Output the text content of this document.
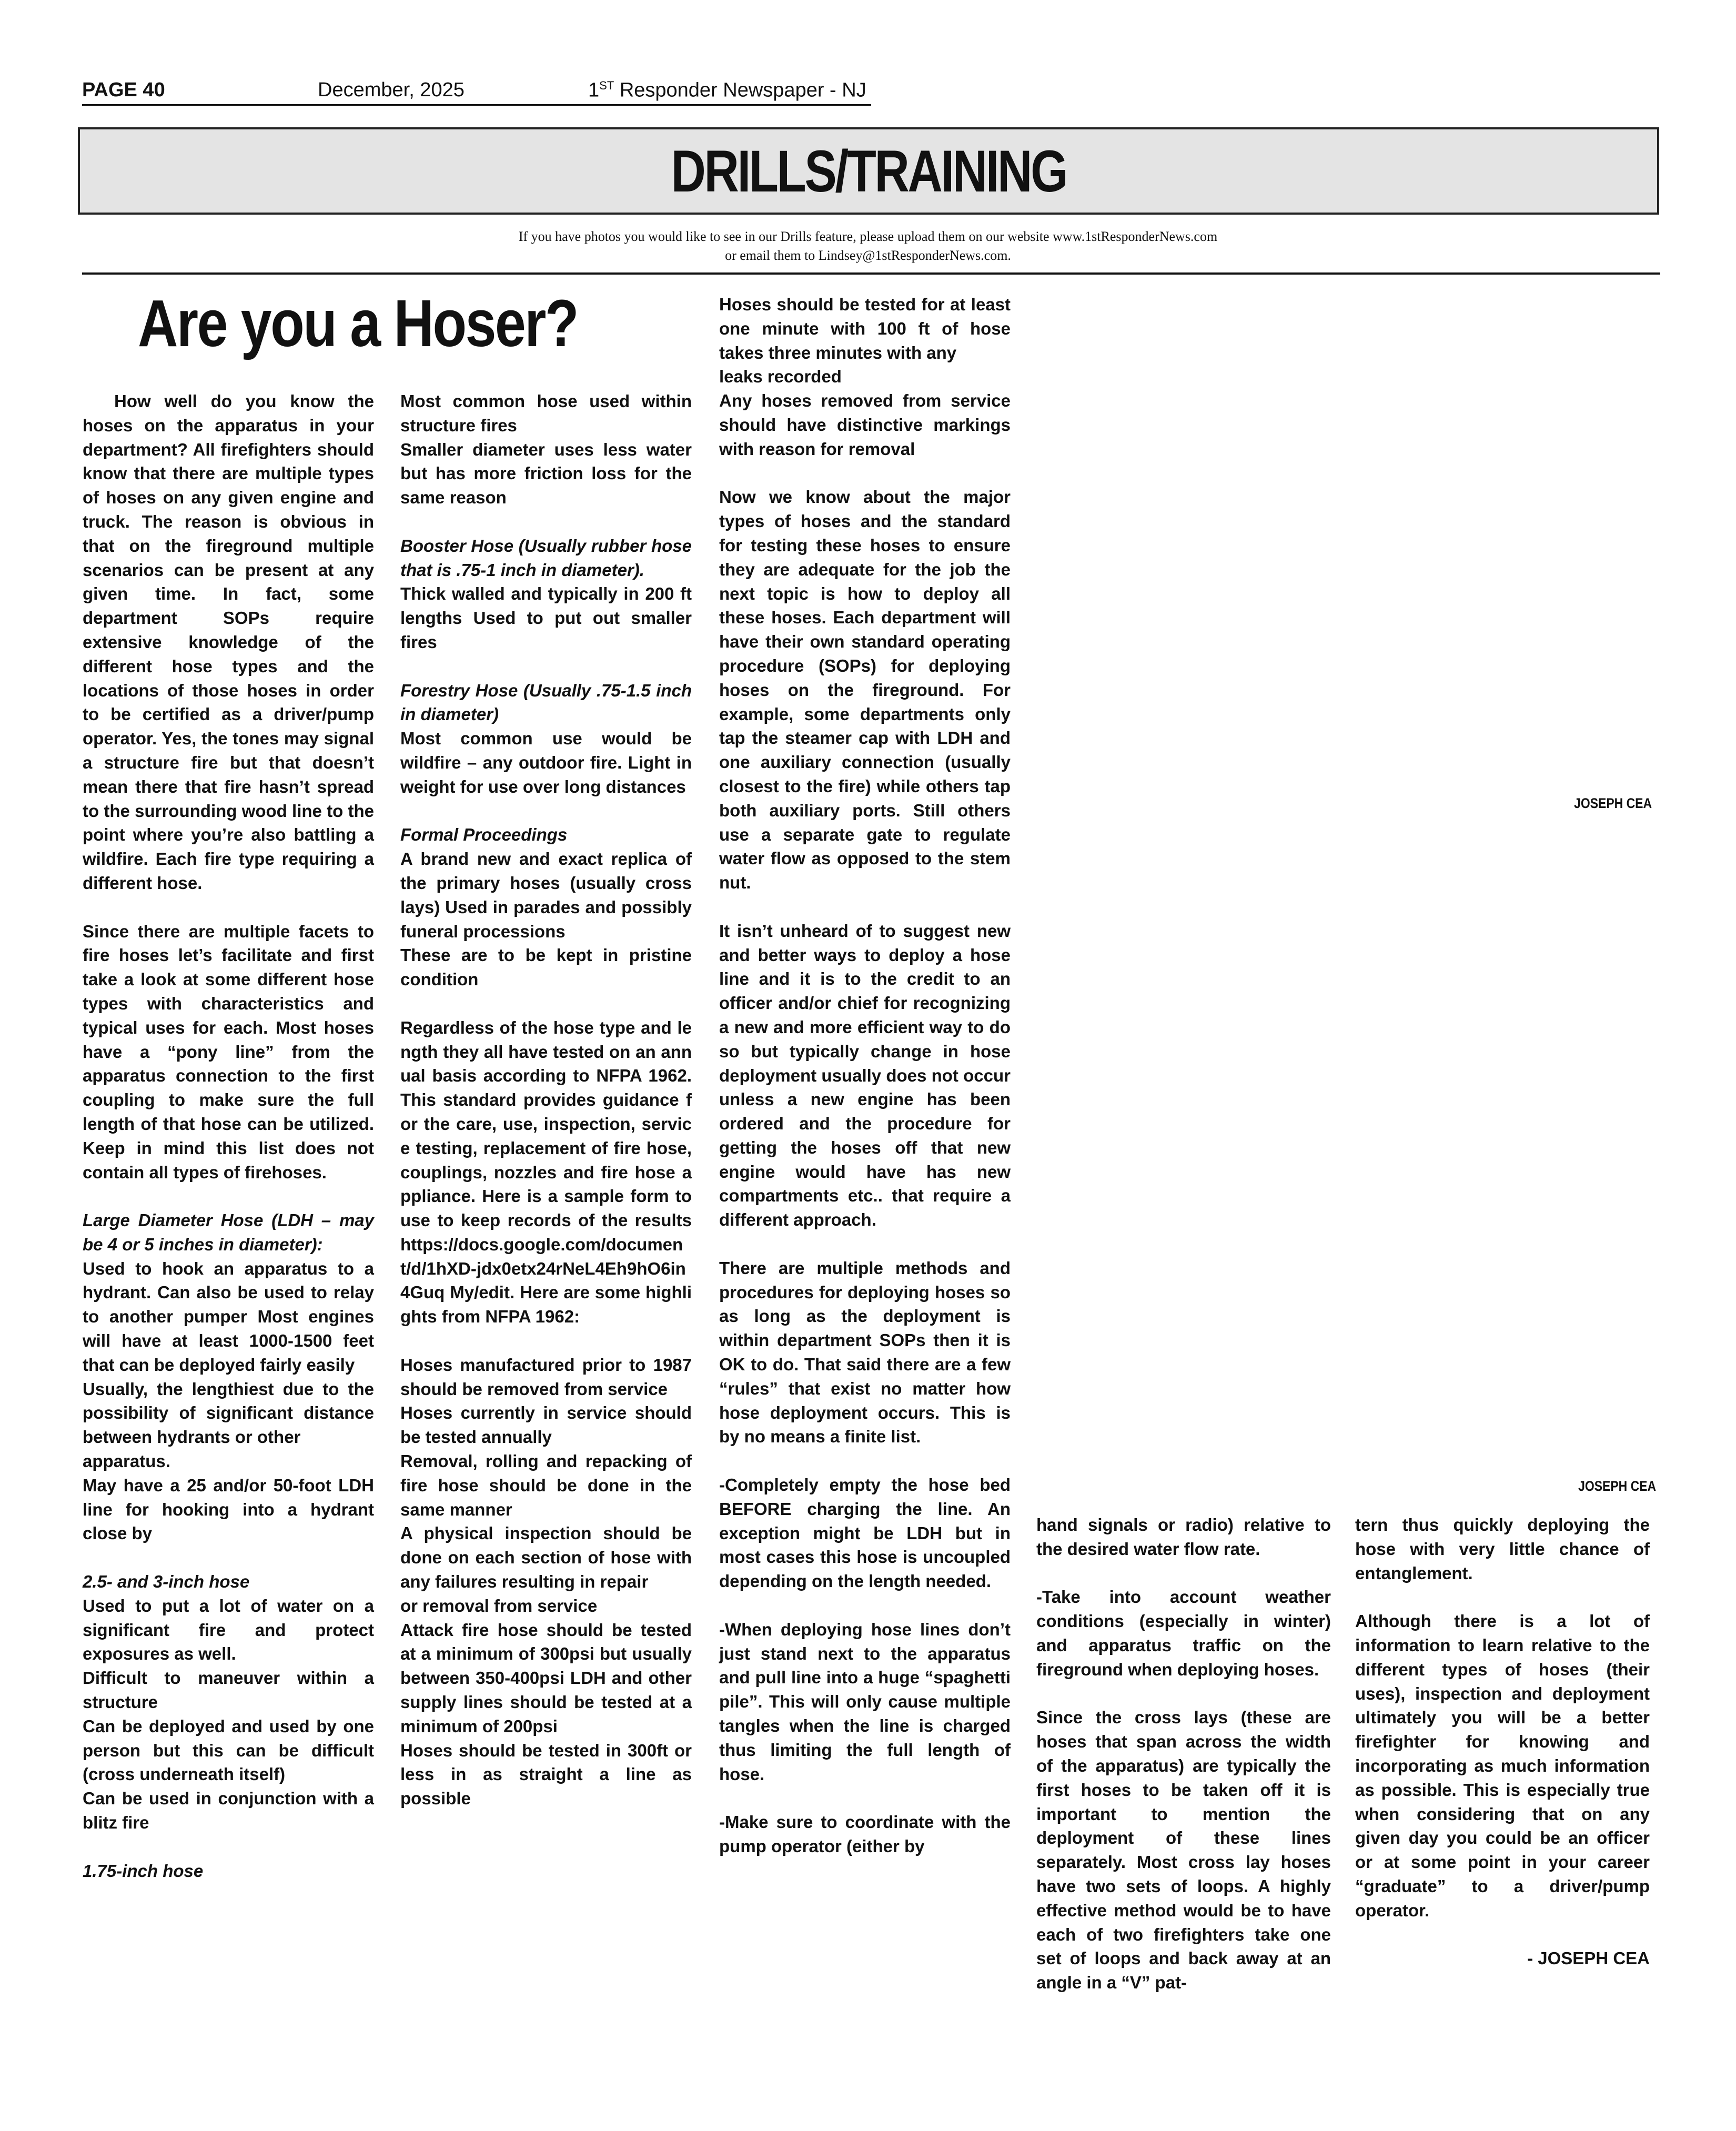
PAGE 40	December, 2025	1ST Responder Newspaper - NJ
DRILLS/TRAINING
If you have photos you would like to see in our Drills feature, please upload them on our website www.1stResponderNews.com
or email them to Lindsey@1stResponderNews.com.
Are you a Hoser?
JOSEPH CEA
JOSEPH CEA

How well do you know the hoses on the apparatus in your department? All firefighters should know that there are multiple types of hoses on any given engine and truck. The reason is obvious in that on the fireground multiple scenarios can be present at any given time. In fact, some department SOPs require extensive knowledge of the different hose types and the locations of those hoses in order to be certified as a driver/pump operator. Yes, the tones may signal a structure fire but that doesn’t mean there that fire hasn’t spread to the surrounding wood line to the point where you’re also battling a wildfire. Each fire type requiring a different hose.

Since there are multiple facets to fire hoses let’s facilitate and first take a look at some different hose types with characteristics and typical uses for each. Most hoses have a “pony line” from the apparatus connection to the first coupling to make sure the full length of that hose can be utilized. Keep in mind this list does not contain all types of firehoses.

Large Diameter Hose (LDH – may be 4 or 5 inches in diameter):

Used to hook an apparatus to a hydrant. Can also be used to relay to another pumper Most engines will have at least 1000-1500 feet that can be deployed fairly easily

Usually, the lengthiest due to the possibility of significant distance between hydrants or other

apparatus.

May have a 25 and/or 50-foot LDH line for hooking into a hydrant close by

2.5- and 3-inch hose

Used to put a lot of water on a significant fire and protect exposures as well.

Difficult to maneuver within a structure

Can be deployed and used by one person but this can be difficult (cross underneath itself)

Can be used in conjunction with a blitz fire

1.75-inch hose

Most common hose used within structure fires

Smaller diameter uses less water but has more friction loss for the same reason

Booster Hose (Usually rubber hose that is .75-1 inch in diameter).

Thick walled and typically in 200 ft lengths Used to put out smaller fires

Forestry Hose (Usually .75-1.5 inch in diameter)

Most common use would be wildfire – any outdoor fire. Light in weight for use over long distances

Formal Proceedings

A brand new and exact replica of the primary hoses (usually cross lays) Used in parades and possibly funeral processions

These are to be kept in pristine condition

Regardless of the hose type and length they all have tested on an annual basis according to NFPA 1962. This standard provides guidance for the care, use, inspection, service testing, replacement of fire hose, couplings, nozzles and fire hose appliance. Here is a sample form to use to keep records of the results https://docs.google.com/document/d/1hXD-jdx0etx24rNeL4Eh9hO6in4Guq My/edit. Here are some highlights from NFPA 1962:

Hoses manufactured prior to 1987 should be removed from service

Hoses currently in service should be tested annually

Removal, rolling and repacking of fire hose should be done in the same manner

A physical inspection should be done on each section of hose with any failures resulting in repair

or removal from service

Attack fire hose should be tested at a minimum of 300psi but usually between 350-400psi LDH and other supply lines should be tested at a minimum of 200psi

Hoses should be tested in 300ft or less in as straight a line as possible

Hoses should be tested for at least one minute with 100 ft of hose takes three minutes with any

leaks recorded

Any hoses removed from service should have distinctive markings with reason for removal

Now we know about the major types of hoses and the standard for testing these hoses to ensure they are adequate for the job the next topic is how to deploy all these hoses. Each department will have their own standard operating procedure (SOPs) for deploying hoses on the fireground. For example, some departments only tap the steamer cap with LDH and one auxiliary connection (usually closest to the fire) while others tap both auxiliary ports. Still others use a separate gate to regulate water flow as opposed to the stem nut.

It isn’t unheard of to suggest new and better ways to deploy a hose line and it is to the credit to an officer and/or chief for recognizing a new and more efficient way to do so but typically change in hose deployment usually does not occur unless a new engine has been ordered and the procedure for getting the hoses off that new engine would have has new compartments etc.. that require a different approach.

There are multiple methods and procedures for deploying hoses so as long as the deployment is within department SOPs then it is OK to do. That said there are a few “rules” that exist no matter how hose deployment occurs. This is by no means a finite list.

-Completely empty the hose bed BEFORE charging the line. An exception might be LDH but in most cases this hose is uncoupled depending on the length needed.

-When deploying hose lines don’t just stand next to the apparatus and pull line into a huge “spaghetti pile”. This will only cause multiple tangles when the line is charged thus limiting the full length of hose.

-Make sure to coordinate with the pump operator (either by

hand signals or radio) relative to the desired water flow rate.

-Take into account weather conditions (especially in winter) and apparatus traffic on the fireground when deploying hoses.

Since the cross lays (these are hoses that span across the width of the apparatus) are typically the first hoses to be taken off it is important to mention the deployment of these lines separately. Most cross lay hoses have two sets of loops. A highly effective method would be to have each of two firefighters take one set of loops and back away at an angle in a “V” pat-

tern thus quickly deploying the hose with very little chance of entanglement.

Although there is a lot of information to learn relative to the different types of hoses (their uses), inspection and deployment ultimately you will be a better firefighter for knowing and incorporating as much information as possible. This is especially true when considering that on any given day you could be an officer or at some point in your career “graduate” to a driver/pump operator.

- JOSEPH CEA
